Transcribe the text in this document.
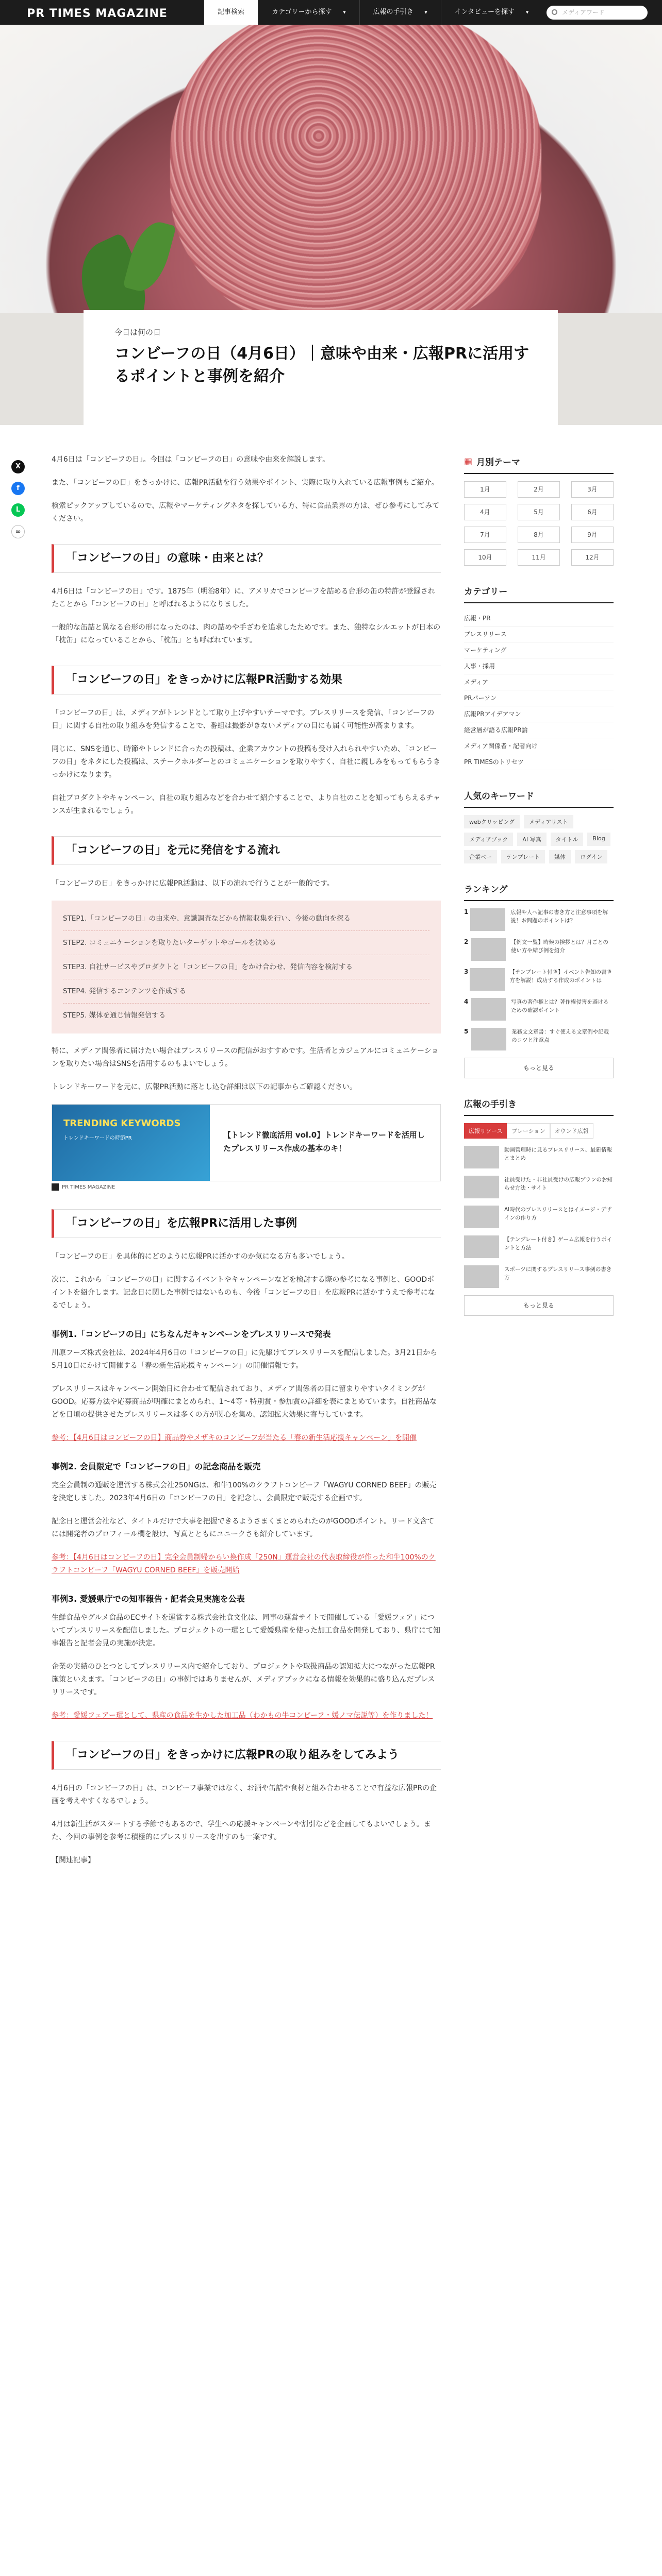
PR TIMES MAGAZINE	記事検索	カテゴリーから探す ▾	広報の手引き ▾	インタビューを探す ▾	メディアワード
今日は何の日
コンビーフの日（4月6日）｜意味や由来・広報PRに活用するポイントと事例を紹介
X
f
L
∞

4月6日は「コンビーフの日」。今回は「コンビーフの日」の意味や由来を解説します。

また、「コンビーフの日」をきっかけに、広報PR活動を行う効果やポイント、実際に取り入れている広報事例もご紹介。

検索ピックアップしているので、広報やマーケティングネタを探している方、特に食品業界の方は、ぜひ参考にしてみてください。

「コンビーフの日」の意味・由来とは？

4月6日は「コンビーフの日」です。1875年（明治8年）に、アメリカでコンビーフを詰める台形の缶の特許が登録されたことから「コンビーフの日」と呼ばれるようになりました。

一般的な缶詰と異なる台形の形になったのは、肉の詰めや手ざわを追求したためです。また、独特なシルエットが日本の「枕缶」になっていることから、「枕缶」とも呼ばれています。

「コンビーフの日」をきっかけに広報PR活動する効果

「コンビーフの日」は、メディアがトレンドとして取り上げやすいテーマです。プレスリリースを発信、「コンビーフの日」に関する自社の取り組みを発信することで、番組は撮影がきないメディアの目にも届く可能性が高まります。

同じに、SNSを通じ、時節やトレンドに合ったの投稿は、企業アカウントの投稿も受け入れられやすいため、「コンビーフの日」をネタにした投稿は、ステークホルダーとのコミュニケーションを取りやすく、自社に親しみをもってもらうきっかけになります。

自社プロダクトやキャンペーン、自社の取り組みなどを合わせて紹介することで、より自社のことを知ってもらえるチャンスが生まれるでしょう。

「コンビーフの日」を元に発信をする流れ

「コンビーフの日」をきっかけに広報PR活動は、以下の流れで行うことが一般的です。

STEP1.「コンビーフの日」の由来や、意識調査などから情報収集を行い、今後の動向を探る
STEP2. コミュニケーションを取りたいターゲットやゴールを決める
STEP3. 自社サービスやプロダクトと「コンビーフの日」をかけ合わせ、発信内容を検討する
STEP4. 発信するコンテンツを作成する
STEP5. 媒体を通じ情報発信する

特に、メディア関係者に届けたい場合はプレスリリースの配信がおすすめです。生活者とカジュアルにコミュニケーションを取りたい場合はSNSを活用するのもよいでしょう。

トレンドキーワードを元に、広報PR活動に落とし込む詳細は以下の記事からご確認ください。

TRENDING KEYWORDS
トレンドキーワードの時節PR	【トレンド徹底活用 vol.0】トレンドキーワードを活用したプレスリリース作成の基本のキ！
PR TIMES MAGAZINE
「コンビーフの日」を広報PRに活用した事例

「コンビーフの日」を具体的にどのように広報PRに活かすのか気になる方も多いでしょう。

次に、これから「コンビーフの日」に関するイベントやキャンペーンなどを検討する際の参考になる事例と、GOODポイントを紹介します。記念日に関した事例ではないものも、今後「コンビーフの日」を広報PRに活かすうえで参考になるでしょう。

事例1.「コンビーフの日」にちなんだキャンペーンをプレスリリースで発表

川原フーズ株式会社は、2024年4月6日の「コンビーフの日」に先駆けてプレスリリースを配信しました。3月21日から5月10日にかけて開催する「春の新生活応援キャンペーン」の開催情報です。

プレスリリースはキャンペーン開始日に合わせて配信されており、メディア関係者の目に留まりやすいタイミングがGOOD。応募方法や応募商品が明確にまとめられ、1〜4等・特別賞・参加賞の詳細を表にまとめています。自社商品などを日頃の提供させたプレスリリースは多くの方が関心を集め、認知拡大効果に寄与しています。

参考：【4月6日はコンビーフの日】商品券やメザキのコンビーフが当たる「春の新生活応援キャンペーン」を開催

事例2. 会員限定で「コンビーフの日」の記念商品を販売

完全会員制の通販を運営する株式会社250NGは、和牛100%のクラフトコンビーフ「WAGYU CORNED BEEF」の販売を決定しました。2023年4月6日の「コンビーフの日」を記念し、会員限定で販売する企画です。

記念日と運営会社など、タイトルだけで大事を把握できるようさまくまとめられたのがGOODポイント。リード文含てには開発者のプロフィール欄を設け、写真とともにユニークさも紹介しています。

参考：【4月6日はコンビーフの日】完全会員制帰からい換作成「250N」運営会社の代表取締役が作った和牛100%のクラフトコンビーフ「WAGYU CORNED BEEF」を販売開始

事例3. 愛媛県庁での知事報告・記者会見実施を公表

生鮮食品やグルメ食品のECサイトを運営する株式会社食文化は、同事の運営サイトで開催している「愛媛フェア」についてプレスリリースを配信しました。プロジェクトの一環として愛媛県産を使った加工食品を開発しており、県庁にて知事報告と記者会見の実施が決定。

企業の実績のひとつとしてプレスリリース内で紹介しており、プロジェクトや取扱商品の認知拡大につながった広報PR施策といえます。「コンビーフの日」の事例ではありませんが、メディアブックになる情報を効果的に盛り込んだプレスリリースです。

参考：愛媛フェアー環として、県産の食品を生かした加工品（わかもの牛コンビーフ・媛ノマ伝説等）を作りました！

「コンビーフの日」をきっかけに広報PRの取り組みをしてみよう

4月6日の「コンビーフの日」は、コンビーフ事業ではなく、お酒や缶詰や食材と組み合わせることで有益な広報PRの企画を考えやすくなるでしょう。

4月は新生活がスタートする季節でもあるので、学生への応援キャンペーンや割引などを企画してもよいでしょう。また、今回の事例を参考に積極的にプレスリリースを出すのも一案です。

【関連記事】

▦ 月別テーマ
1月	2月	3月
4月	5月	6月
7月	8月	9月
10月	11月	12月
カテゴリー
広報・PR
プレスリリース
マーケティング
人事・採用
メディア
PRパーソン
広報PRアイデアマン
経営層が語る広報PR論
メディア関係者・記者向け
PR TIMESのトリセツ
人気のキーワード
webクリッピング	メディアリスト
メディアブック	AI 写真	タイトル	Blog
企業ペー	テンプレート	媒体	ログイン
ランキング
1	広報や人へ記事の書き方と注意事項を解説！お問題のポイントは？
2	【例文一覧】時候の挨拶とは？月ごとの使い方や結び例を紹介
3	【テンプレート付き】イベント告知の書き方を解説！成功する作成のポイントは
4	写真の著作権とは？著作権侵害を避けるための確認ポイント
5	業務文文章書：すぐ使える文章例や記載のコツと注意点
もっと見る
広報の手引き
広報リソース	ブレーション	オウンド広報
動画管理時に見るプレスリリース、最新情報とまとめ
社員受けた・非社員受けの広報プランのお知らせ方法・サイト
AI時代のプレスリリースとはイメージ・デザインの作り方
【テンプレート付き】ゲーム広報を行うポイントと方法
スポーツに関するプレスリリース事例の書き方
もっと見る
